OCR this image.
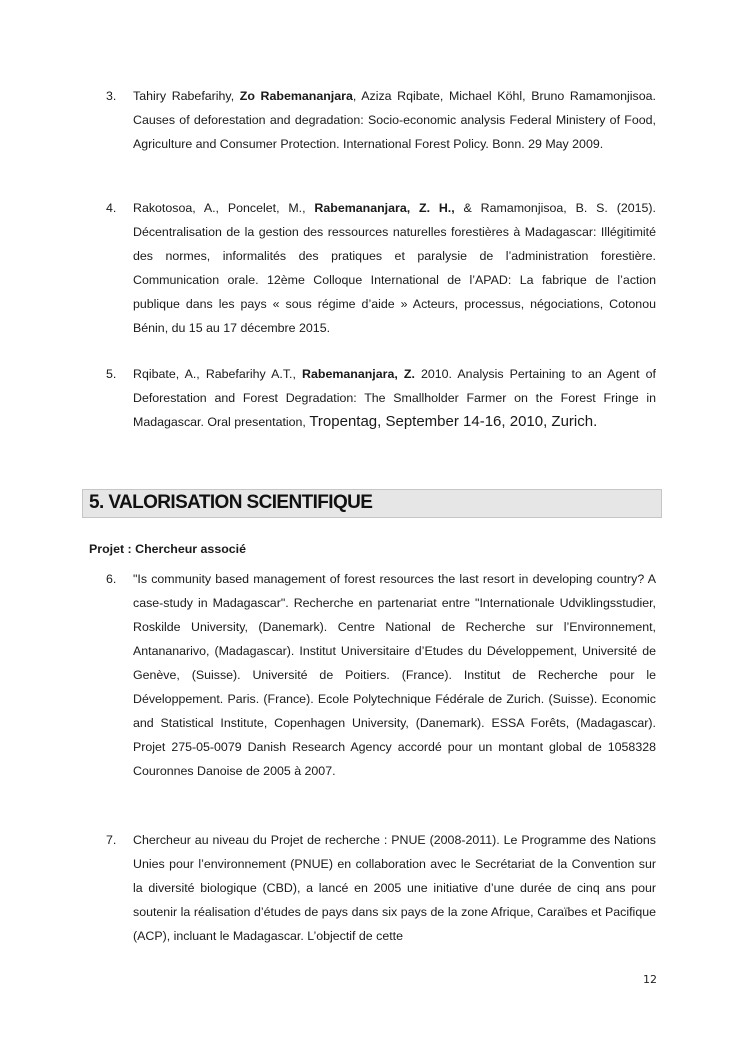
3.	Tahiry Rabefarihy, Zo Rabemananjara, Aziza Rqibate, Michael Köhl, Bruno Ramamonjisoa. Causes of deforestation and degradation: Socio-economic analysis Federal Ministery of Food, Agriculture and Consumer Protection. International Forest Policy. Bonn. 29 May 2009.
4.	Rakotosoa, A., Poncelet, M., Rabemananjara, Z. H., & Ramamonjisoa, B. S. (2015). Décentralisation de la gestion des ressources naturelles forestières à Madagascar: Illégitimité des normes, informalités des pratiques et paralysie de l’administration forestière. Communication orale. 12ème Colloque International de l’APAD: La fabrique de l’action publique dans les pays « sous régime d’aide » Acteurs, processus, négociations, Cotonou Bénin, du 15 au 17 décembre 2015.
5.	Rqibate, A., Rabefarihy A.T., Rabemananjara, Z. 2010. Analysis Pertaining to an Agent of Deforestation and Forest Degradation: The Smallholder Farmer on the Forest Fringe in Madagascar. Oral presentation, Tropentag, September 14-16, 2010, Zurich.
5. VALORISATION SCIENTIFIQUE
Projet : Chercheur associé
6.	"Is community based management of forest resources the last resort in developing country? A case-study in Madagascar". Recherche en partenariat entre "Internationale Udviklingsstudier, Roskilde University, (Danemark). Centre National de Recherche sur l’Environnement, Antananarivo, (Madagascar). Institut Universitaire d’Etudes du Développement, Université de Genève, (Suisse). Université de Poitiers. (France). Institut de Recherche pour le Développement. Paris. (France). Ecole Polytechnique Fédérale de Zurich. (Suisse). Economic and Statistical Institute, Copenhagen University, (Danemark). ESSA Forêts, (Madagascar). Projet 275-05-0079 Danish Research Agency accordé pour un montant global de 1058328 Couronnes Danoise de 2005 à 2007.
7.	Chercheur au niveau du Projet de recherche : PNUE (2008-2011). Le Programme des Nations Unies pour l’environnement (PNUE) en collaboration avec le Secrétariat de la Convention sur la diversité biologique (CBD), a lancé en 2005 une initiative d’une durée de cinq ans pour soutenir la réalisation d’études de pays dans six pays de la zone Afrique, Caraïbes et Pacifique (ACP), incluant le Madagascar. L’objectif de cette
12
